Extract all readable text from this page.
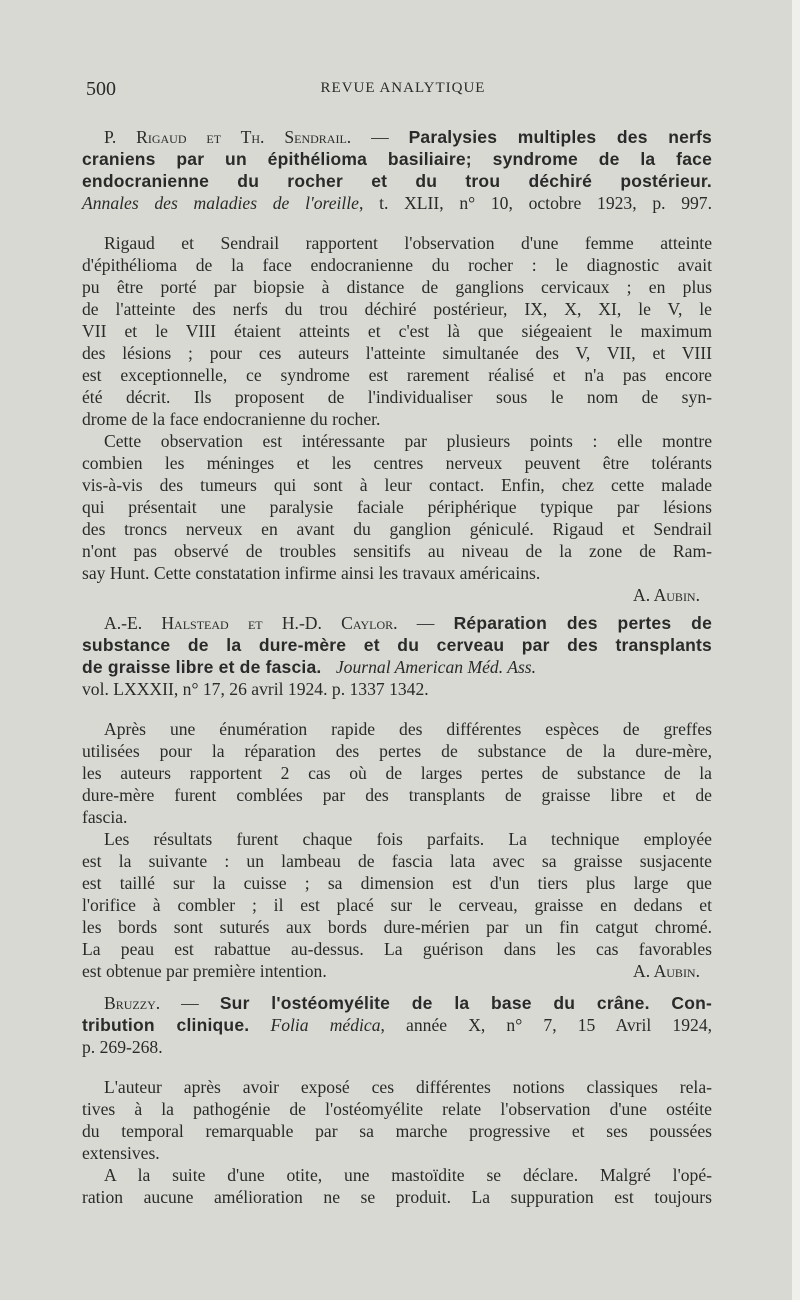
500	REVUE ANALYTIQUE
P. Rigaud et Th. Sendrail. — Paralysies multiples des nerfs
craniens par un épithélioma basiliaire; syndrome de la face
endocranienne du rocher et du trou déchiré postérieur.
Annales des maladies de l'oreille, t. XLII, n° 10, octobre 1923, p. 997.
Rigaud et Sendrail rapportent l'observation d'une femme atteinte
d'épithélioma de la face endocranienne du rocher : le diagnostic avait
pu être porté par biopsie à distance de ganglions cervicaux ; en plus
de l'atteinte des nerfs du trou déchiré postérieur, IX, X, XI, le V, le
VII et le VIII étaient atteints et c'est là que siégeaient le maximum
des lésions ; pour ces auteurs l'atteinte simultanée des V, VII, et VIII
est exceptionnelle, ce syndrome est rarement réalisé et n'a pas encore
été décrit. Ils proposent de l'individualiser sous le nom de syn-
drome de la face endocranienne du rocher.
Cette observation est intéressante par plusieurs points : elle montre
combien les méninges et les centres nerveux peuvent être tolérants
vis-à-vis des tumeurs qui sont à leur contact. Enfin, chez cette malade
qui présentait une paralysie faciale périphérique typique par lésions
des troncs nerveux en avant du ganglion géniculé. Rigaud et Sendrail
n'ont pas observé de troubles sensitifs au niveau de la zone de Ram-
say Hunt. Cette constatation infirme ainsi les travaux américains.
A. Aubin.
A.-E. Halstead et H.-D. Caylor. — Réparation des pertes de
substance de la dure-mère et du cerveau par des transplants
de graisse libre et de fascia. Journal American Méd. Ass.
vol. LXXXII, n° 17, 26 avril 1924. p. 1337 1342.
Après une énumération rapide des différentes espèces de greffes
utilisées pour la réparation des pertes de substance de la dure-mère,
les auteurs rapportent 2 cas où de larges pertes de substance de la
dure-mère furent comblées par des transplants de graisse libre et de
fascia.
Les résultats furent chaque fois parfaits. La technique employée
est la suivante : un lambeau de fascia lata avec sa graisse susjacente
est taillé sur la cuisse ; sa dimension est d'un tiers plus large que
l'orifice à combler ; il est placé sur le cerveau, graisse en dedans et
les bords sont suturés aux bords dure-mérien par un fin catgut chromé.
La peau est rabattue au-dessus. La guérison dans les cas favorables
est obtenue par première intention.	A. Aubin.
Bruzzy. — Sur l'ostéomyélite de la base du crâne. Con-
tribution clinique. Folia médica, année X, n° 7, 15 Avril 1924,
p. 269-268.
L'auteur après avoir exposé ces différentes notions classiques rela-
tives à la pathogénie de l'ostéomyélite relate l'observation d'une ostéite
du temporal remarquable par sa marche progressive et ses poussées
extensives.
A la suite d'une otite, une mastoïdite se déclare. Malgré l'opé-
ration aucune amélioration ne se produit. La suppuration est toujours
